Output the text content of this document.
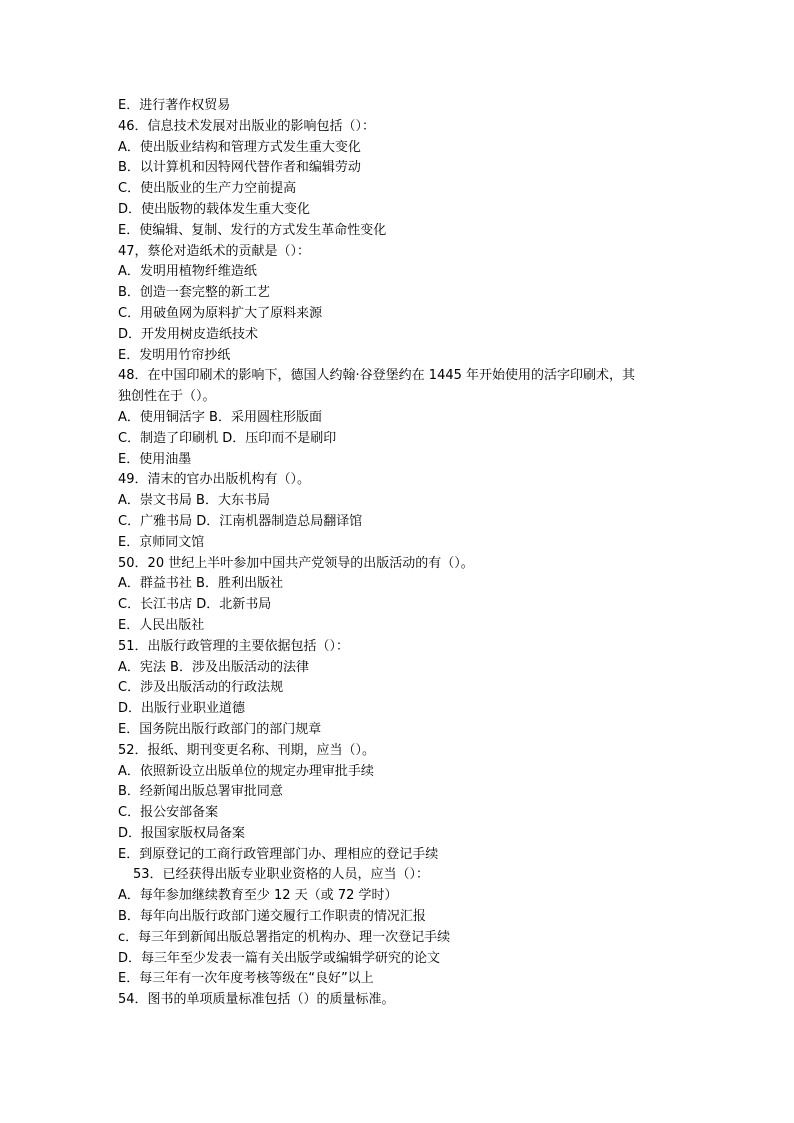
E．进行著作权贸易
46．信息技术发展对出版业的影响包括（）：
A．使出版业结构和管理方式发生重大变化
B．以计算机和因特网代替作者和编辑劳动
C．使出版业的生产力空前提高
D．使出版物的载体发生重大变化
E．使编辑、复制、发行的方式发生革命性变化
47，蔡伦对造纸术的贡献是（）：
A．发明用植物纤维造纸
B．创造一套完整的新工艺
C．用破鱼网为原料扩大了原料来源
D．开发用树皮造纸技术
E．发明用竹帘抄纸
48．在中国印刷术的影响下，德国人约翰·谷登堡约在 1445 年开始使用的活字印刷术，其
独创性在于（）。
A．使用铜活字 B．采用圆柱形版面
C．制造了印刷机 D．压印而不是刷印
E．使用油墨
49．清末的官办出版机构有（）。
A．崇文书局 B．大东书局
C．广雅书局 D．江南机器制造总局翻译馆
E．京师同文馆
50．20 世纪上半叶参加中国共产党领导的出版活动的有（）。
A．群益书社 B．胜利出版社
C．长江书店 D．北新书局
E．人民出版社
51．出版行政管理的主要依据包括（）：
A．宪法 B．涉及出版活动的法律
C．涉及出版活动的行政法规
D．出版行业职业道德
E．国务院出版行政部门的部门规章
52．报纸、期刊变更名称、刊期，应当（）。
A．依照新设立出版单位的规定办理审批手续
B．经新闻出版总署审批同意
C．报公安部备案
D．报国家版权局备案
E．到原登记的工商行政管理部门办、理相应的登记手续
53．已经获得出版专业职业资格的人员，应当（）：
A．每年参加继续教育至少 12 天（或 72 学时）
B．每年向出版行政部门递交履行工作职责的情况汇报
c．每三年到新闻出版总署指定的机构办、理一次登记手续
D．每三年至少发表一篇有关出版学或编辑学研究的论文
E．每三年有一次年度考核等级在“良好”以上
54．图书的单项质量标准包括（）的质量标准。
